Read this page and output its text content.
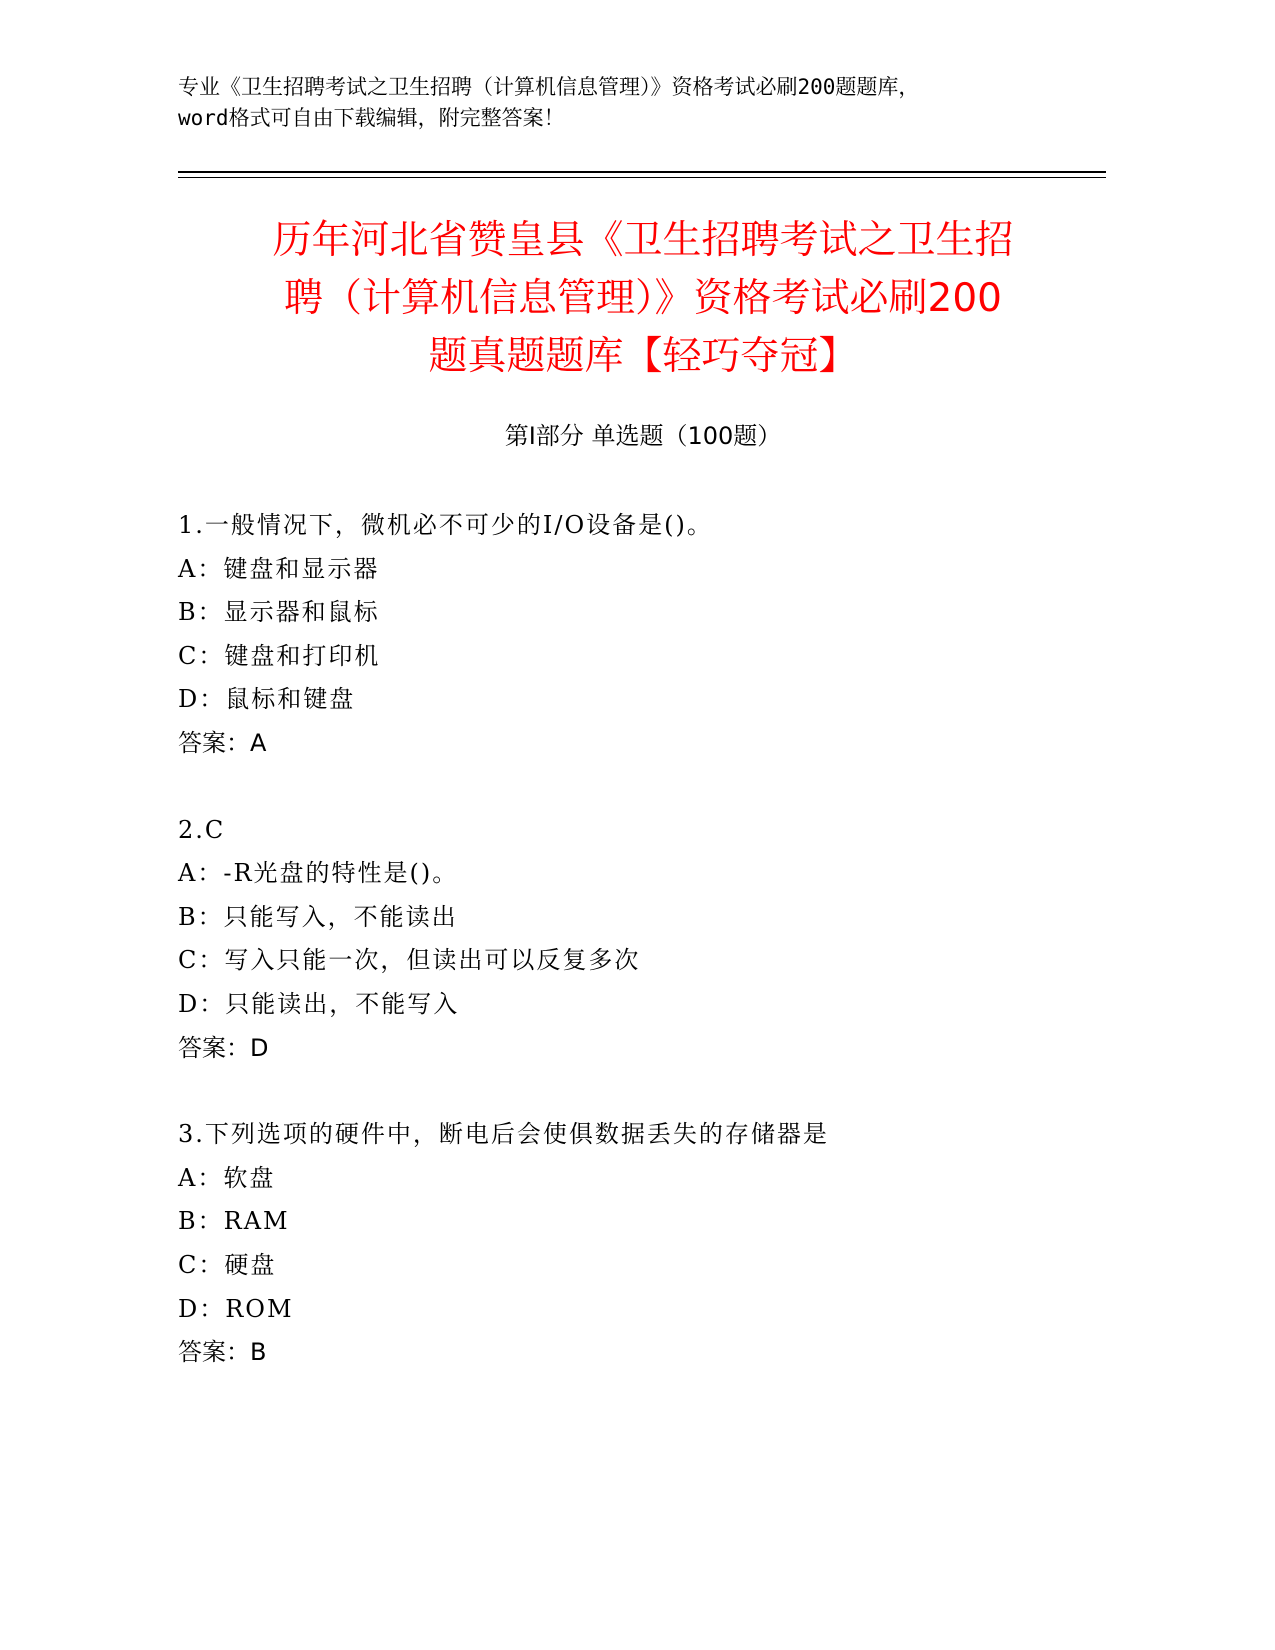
专业《卫生招聘考试之卫生招聘（计算机信息管理）》资格考试必刷200题题库，
word格式可自由下载编辑，附完整答案！
历年河北省赞皇县《卫生招聘考试之卫生招
聘（计算机信息管理）》资格考试必刷200
题真题题库【轻巧夺冠】
第Ⅰ部分 单选题（100题）
1.一般情况下，微机必不可少的I/O设备是()。
A：键盘和显示器
B：显示器和鼠标
C：键盘和打印机
D：鼠标和键盘
答案：A
2.C
A：-R光盘的特性是()。
B：只能写入，不能读出
C：写入只能一次，但读出可以反复多次
D：只能读出，不能写入
答案：D
3.下列选项的硬件中，断电后会使俱数据丢失的存储器是
A：软盘
B：RAM
C：硬盘
D：ROM
答案：B
